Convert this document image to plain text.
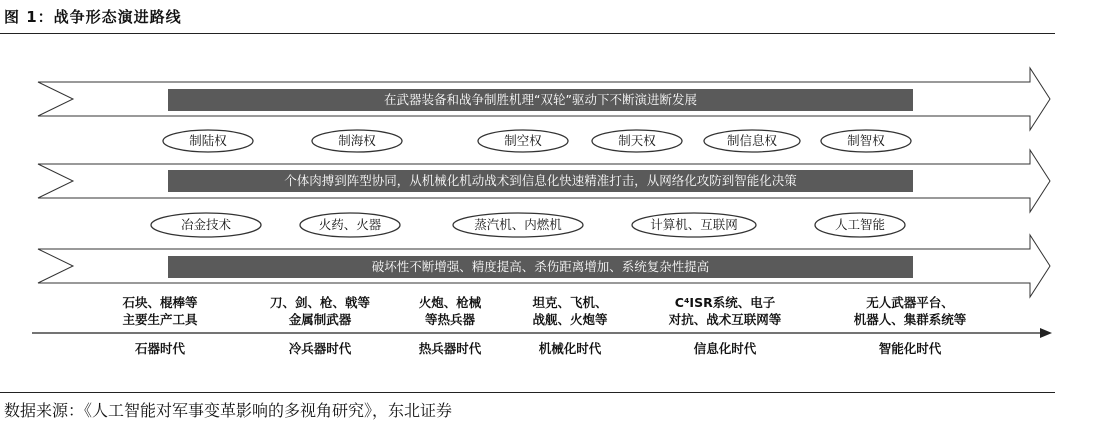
图 1：战争形态演进路线
在武器装备和战争制胜机理“双轮”驱动下不断演进断发展
个体肉搏到阵型协同，从机械化机动战术到信息化快速精准打击，从网络化攻防到智能化决策
破坏性不断增强、精度提高、杀伤距离增加、系统复杂性提高
制陆权	制海权	制空权	制天权	制信息权	制智权
冶金技术	火药、火器	蒸汽机、内燃机	计算机、互联网	人工智能
石块、棍棒等
主要生产工具
刀、剑、枪、戟等
金属制武器
火炮、枪械
等热兵器
坦克、飞机、
战舰、火炮等
C⁴ISR系统、电子
对抗、战术互联网等
无人武器平台、
机器人、集群系统等
石器时代	冷兵器时代	热兵器时代	机械化时代	信息化时代	智能化时代
数据来源：《人工智能对军事变革影响的多视角研究》，东北证券
